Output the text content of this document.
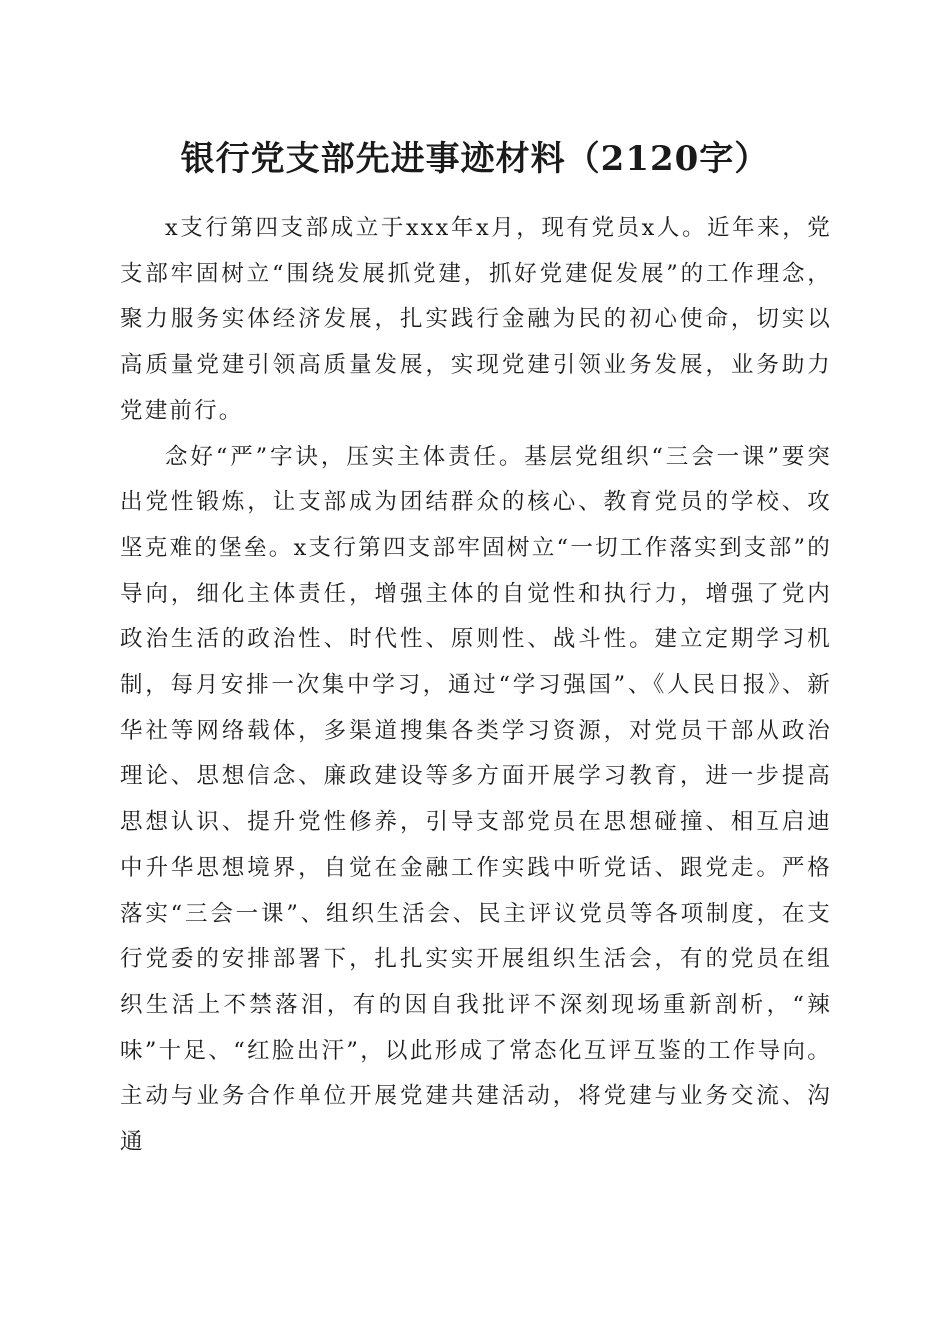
银行党支部先进事迹材料（2120字）

x支行第四支部成立于xxx年x月，现有党员x人。近年来，党支部牢固树立“围绕发展抓党建，抓好党建促发展”的工作理念，聚力服务实体经济发展，扎实践行金融为民的初心使命，切实以高质量党建引领高质量发展，实现党建引领业务发展，业务助力党建前行。

念好“严”字诀，压实主体责任。基层党组织“三会一课”要突出党性锻炼，让支部成为团结群众的核心、教育党员的学校、攻坚克难的堡垒。x支行第四支部牢固树立“一切工作落实到支部”的导向，细化主体责任，增强主体的自觉性和执行力，增强了党内政治生活的政治性、时代性、原则性、战斗性。建立定期学习机制，每月安排一次集中学习，通过“学习强国”、《人民日报》、新华社等网络载体，多渠道搜集各类学习资源，对党员干部从政治理论、思想信念、廉政建设等多方面开展学习教育，进一步提高思想认识、提升党性修养，引导支部党员在思想碰撞、相互启迪中升华思想境界，自觉在金融工作实践中听党话、跟党走。严格落实“三会一课”、组织生活会、民主评议党员等各项制度，在支行党委的安排部署下，扎扎实实开展组织生活会，有的党员在组织生活上不禁落泪，有的因自我批评不深刻现场重新剖析，“辣味”十足、“红脸出汗”，以此形成了常态化互评互鉴的工作导向。主动与业务合作单位开展党建共建活动，将党建与业务交流、沟通
